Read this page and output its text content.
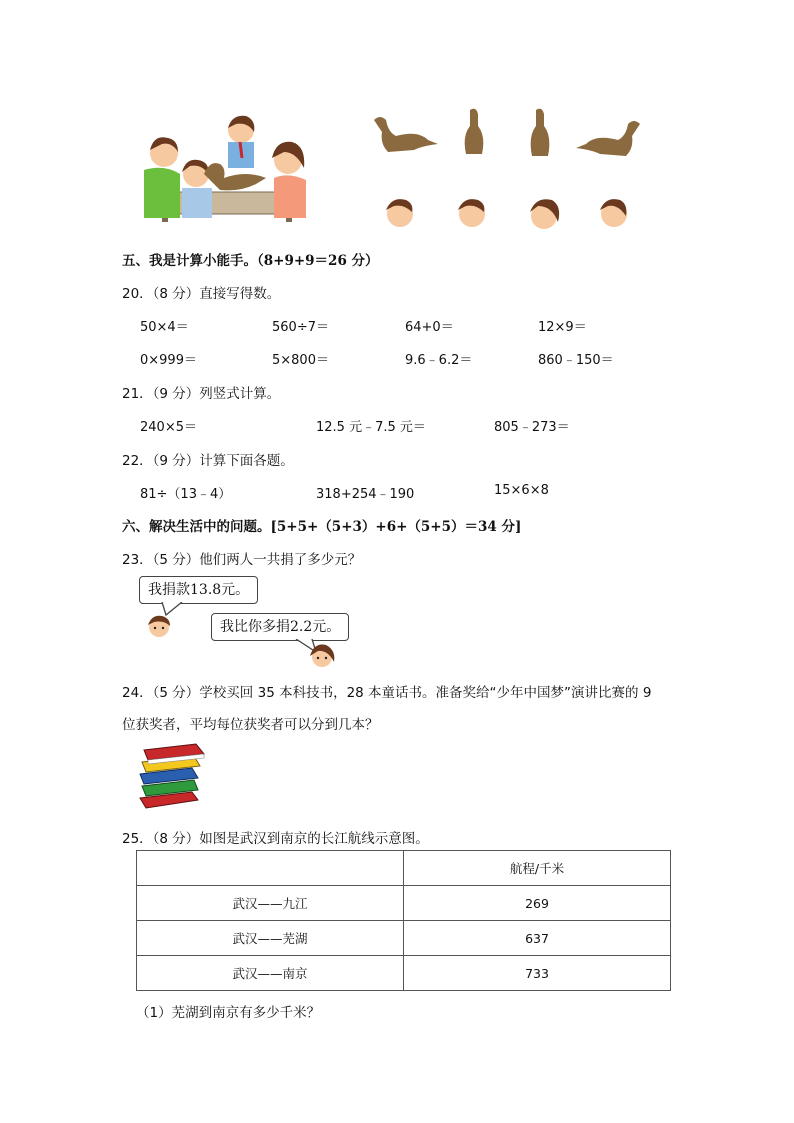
五、我是计算小能手。（8+9+9＝26 分）
20．（8 分）直接写得数。
50×4＝	560÷7＝	64+0＝	12×9＝
0×999＝	5×800＝	9.6﹣6.2＝	860﹣150＝
21．（9 分）列竖式计算。
240×5＝	12.5 元﹣7.5 元＝	805﹣273＝
22．（9 分）计算下面各题。
81÷（13﹣4）	318+254﹣190	15×6×8
六、解决生活中的问题。[5+5+（5+3）+6+（5+5）＝34 分]
23．（5 分）他们两人一共捐了多少元？
我捐款13.8元。
我比你多捐2.2元。
24．（5 分）学校买回 35 本科技书，28 本童话书。准备奖给“少年中国梦”演讲比赛的 9
位获奖者，平均每位获奖者可以分到几本？
25．（8 分）如图是武汉到南京的长江航线示意图。
	航程/千米
武汉——九江	269
武汉——芜湖	637
武汉——南京	733
（1）芜湖到南京有多少千米？
